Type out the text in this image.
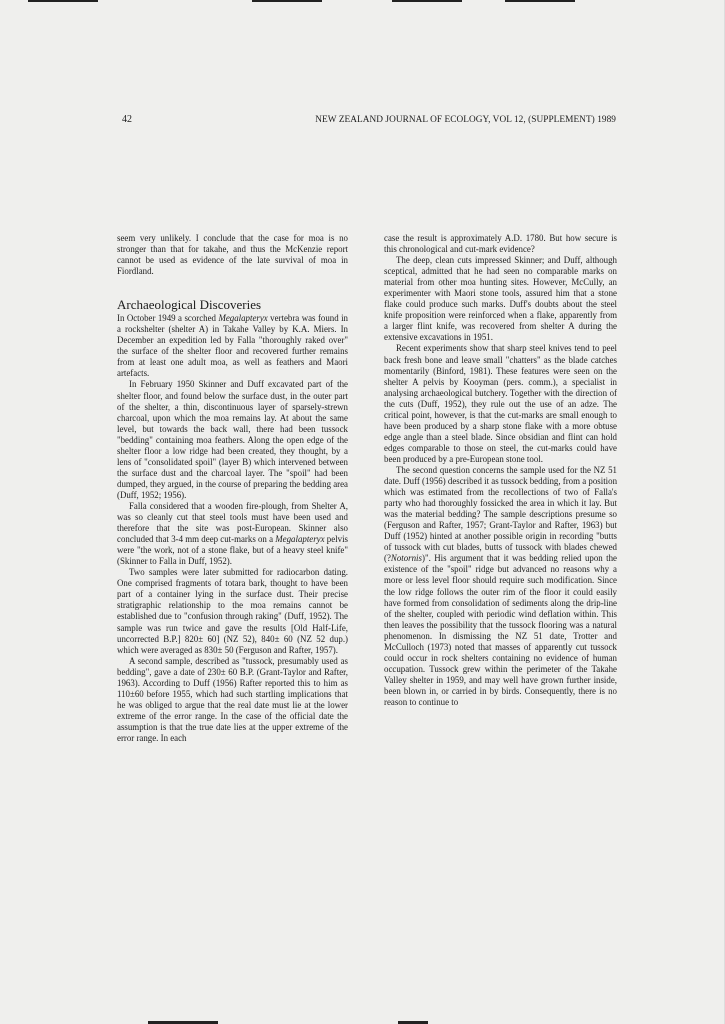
42	NEW ZEALAND JOURNAL OF ECOLOGY, VOL 12, (SUPPLEMENT) 1989

seem very unlikely. I conclude that the case for moa is no stronger than that for takahe, and thus the McKenzie report cannot be used as evidence of the late survival of moa in Fiordland.

Archaeological Discoveries

In October 1949 a scorched Megalapteryx vertebra was found in a rockshelter (shelter A) in Takahe Valley by K.A. Miers. In December an expedition led by Falla "thoroughly raked over" the surface of the shelter floor and recovered further remains from at least one adult moa, as well as feathers and Maori artefacts.

In February 1950 Skinner and Duff excavated part of the shelter floor, and found below the surface dust, in the outer part of the shelter, a thin, discontinuous layer of sparsely-strewn charcoal, upon which the moa remains lay. At about the same level, but towards the back wall, there had been tussock "bedding" containing moa feathers. Along the open edge of the shelter floor a low ridge had been created, they thought, by a lens of "consolidated spoil" (layer B) which intervened between the surface dust and the charcoal layer. The "spoil" had been dumped, they argued, in the course of preparing the bedding area (Duff, 1952; 1956).

Falla considered that a wooden fire-plough, from Shelter A, was so cleanly cut that steel tools must have been used and therefore that the site was post-European. Skinner also concluded that 3-4 mm deep cut-marks on a Megalapteryx pelvis were "the work, not of a stone flake, but of a heavy steel knife" (Skinner to Falla in Duff, 1952).

Two samples were later submitted for radiocarbon dating. One comprised fragments of totara bark, thought to have been part of a container lying in the surface dust. Their precise stratigraphic relationship to the moa remains cannot be established due to "confusion through raking" (Duff, 1952). The sample was run twice and gave the results [Old Half-Life, uncorrected B.P.] 820± 60] (NZ 52), 840± 60 (NZ 52 dup.) which were averaged as 830± 50 (Ferguson and Rafter, 1957).

A second sample, described as "tussock, presumably used as bedding", gave a date of 230± 60 B.P. (Grant-Taylor and Rafter, 1963). According to Duff (1956) Rafter reported this to him as 110±60 before 1955, which had such startling implications that he was obliged to argue that the real date must lie at the lower extreme of the error range. In the case of the official date the assumption is that the true date lies at the upper extreme of the error range. In each

case the result is approximately A.D. 1780. But how secure is this chronological and cut-mark evidence?

The deep, clean cuts impressed Skinner; and Duff, although sceptical, admitted that he had seen no comparable marks on material from other moa hunting sites. However, McCully, an experimenter with Maori stone tools, assured him that a stone flake could produce such marks. Duff's doubts about the steel knife proposition were reinforced when a flake, apparently from a larger flint knife, was recovered from shelter A during the extensive excavations in 1951.

Recent experiments show that sharp steel knives tend to peel back fresh bone and leave small "chatters" as the blade catches momentarily (Binford, 1981). These features were seen on the shelter A pelvis by Kooyman (pers. comm.), a specialist in analysing archaeological butchery. Together with the direction of the cuts (Duff, 1952), they rule out the use of an adze. The critical point, however, is that the cut-marks are small enough to have been produced by a sharp stone flake with a more obtuse edge angle than a steel blade. Since obsidian and flint can hold edges comparable to those on steel, the cut-marks could have been produced by a pre-European stone tool.

The second question concerns the sample used for the NZ 51 date. Duff (1956) described it as tussock bedding, from a position which was estimated from the recollections of two of Falla's party who had thoroughly fossicked the area in which it lay. But was the material bedding? The sample descriptions presume so (Ferguson and Rafter, 1957; Grant-Taylor and Rafter, 1963) but Duff (1952) hinted at another possible origin in recording "butts of tussock with cut blades, butts of tussock with blades chewed (?Notornis)". His argument that it was bedding relied upon the existence of the "spoil" ridge but advanced no reasons why a more or less level floor should require such modification. Since the low ridge follows the outer rim of the floor it could easily have formed from consolidation of sediments along the drip-line of the shelter, coupled with periodic wind deflation within. This then leaves the possibility that the tussock flooring was a natural phenomenon. In dismissing the NZ 51 date, Trotter and McCulloch (1973) noted that masses of apparently cut tussock could occur in rock shelters containing no evidence of human occupation. Tussock grew within the perimeter of the Takahe Valley shelter in 1959, and may well have grown further inside, been blown in, or carried in by birds. Consequently, there is no reason to continue to
